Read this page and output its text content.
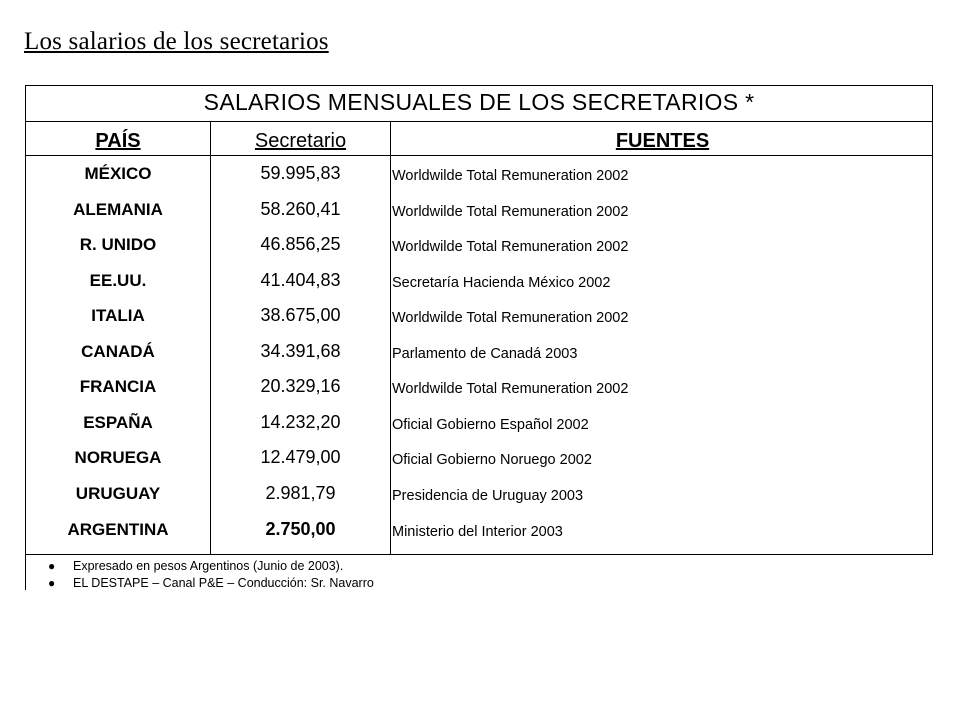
Los salarios de los secretarios
SALARIOS MENSUALES DE LOS SECRETARIOS *
PAÍS	Secretario	FUENTES
MÉXICO	59.995,83	Worldwilde Total Remuneration 2002
ALEMANIA	58.260,41	Worldwilde Total Remuneration 2002
R. UNIDO	46.856,25	Worldwilde Total Remuneration 2002
EE.UU.	41.404,83	Secretaría Hacienda México 2002
ITALIA	38.675,00	Worldwilde Total Remuneration 2002
CANADÁ	34.391,68	Parlamento de Canadá 2003
FRANCIA	20.329,16	Worldwilde Total Remuneration 2002
ESPAÑA	14.232,20	Oficial Gobierno Español 2002
NORUEGA	12.479,00	Oficial Gobierno Noruego 2002
URUGUAY	2.981,79	Presidencia de Uruguay 2003
ARGENTINA	2.750,00	Ministerio del Interior 2003
● Expresado en pesos Argentinos (Junio de 2003).
● EL DESTAPE – Canal P&E – Conducción: Sr. Navarro
